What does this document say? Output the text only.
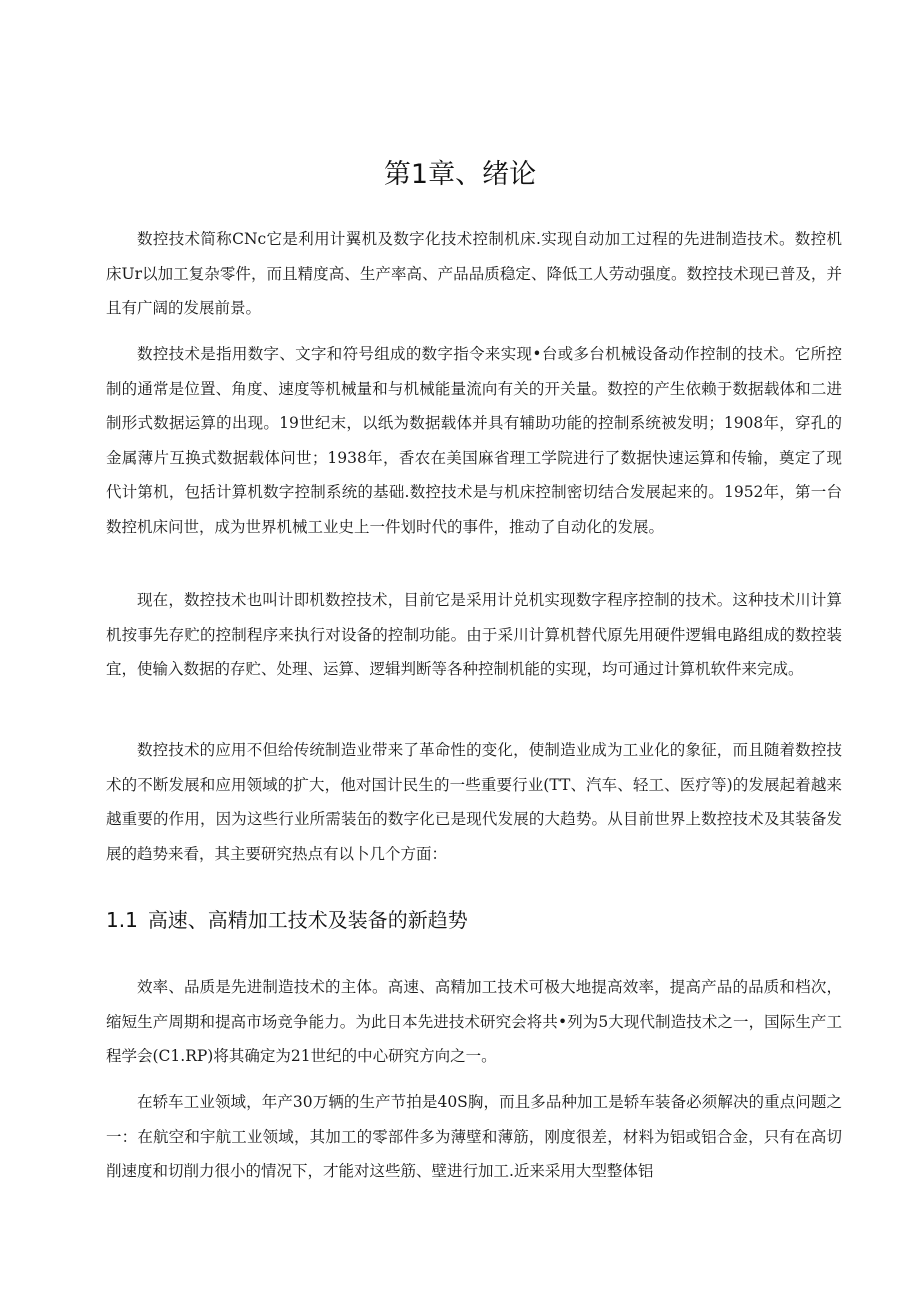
第1章、绪论

数控技术简称CNc它是利用计翼机及数字化技术控制机床.实现自动加工过程的先进制造技术。数控机床Ur以加工复杂零件，而且精度高、生产率高、产品品质稳定、降低工人劳动强度。数控技术现已普及，并且有广阔的发展前景。

数控技术是指用数字、文字和符号组成的数字指令来实现•台或多台机械设备动作控制的技术。它所控制的通常是位置、角度、速度等机械量和与机械能量流向有关的开关量。数控的产生依赖于数据载体和二进制形式数据运算的出现。19世纪末，以纸为数据载体并具有辅助功能的控制系统被发明；1908年，穿孔的金属薄片互换式数据载体问世；1938年，香农在美国麻省理工学院进行了数据快速运算和传输，奠定了现代计第机，包括计算机数字控制系统的基础.数控技术是与机床控制密切结合发展起来的。1952年，第一台数控机床问世，成为世界机械工业史上一件划时代的事件，推动了自动化的发展。

现在，数控技术也叫计即机数控技术，目前它是采用计兑机实现数字程序控制的技术。这种技术川计算机按事先存贮的控制程序来执行对设备的控制功能。由于采川计算机替代原先用硬件逻辑电路组成的数控装宜，使输入数据的存贮、处理、运算、逻辑判断等各种控制机能的实现，均可通过计算机软件来完成。

数控技术的应用不但给传统制造业带来了革命性的变化，使制造业成为工业化的象征，而且随着数控技术的不断发展和应用领域的扩大，他对国计民生的一些重要行业(TT、汽车、轻工、医疗等)的发展起着越来越重要的作用，因为这些行业所需装缶的数字化已是现代发展的大趋势。从目前世界上数控技术及其装备发展的趋势来看，其主要研究热点有以卜几个方面：

1.1 高速、高精加工技术及装备的新趋势

效率、品质是先进制造技术的主体。高速、高精加工技术可极大地提高效率，提高产品的品质和档次，缩短生产周期和提高市场竞争能力。为此日本先进技术研究会将共•列为5大现代制造技术之一，国际生产工程学会(C1.RP)将其确定为21世纪的中心研究方向之一。

在轿车工业领域，年产30万辆的生产节拍是40S胸，而且多品种加工是轿车装备必须解决的重点问题之一：在航空和宇航工业领域，其加工的零部件多为薄壁和薄筋，刚度很差，材料为铝或铝合金，只有在高切削速度和切削力很小的情况下，才能对这些筋、壁进行加工.近来采用大型整体铝
